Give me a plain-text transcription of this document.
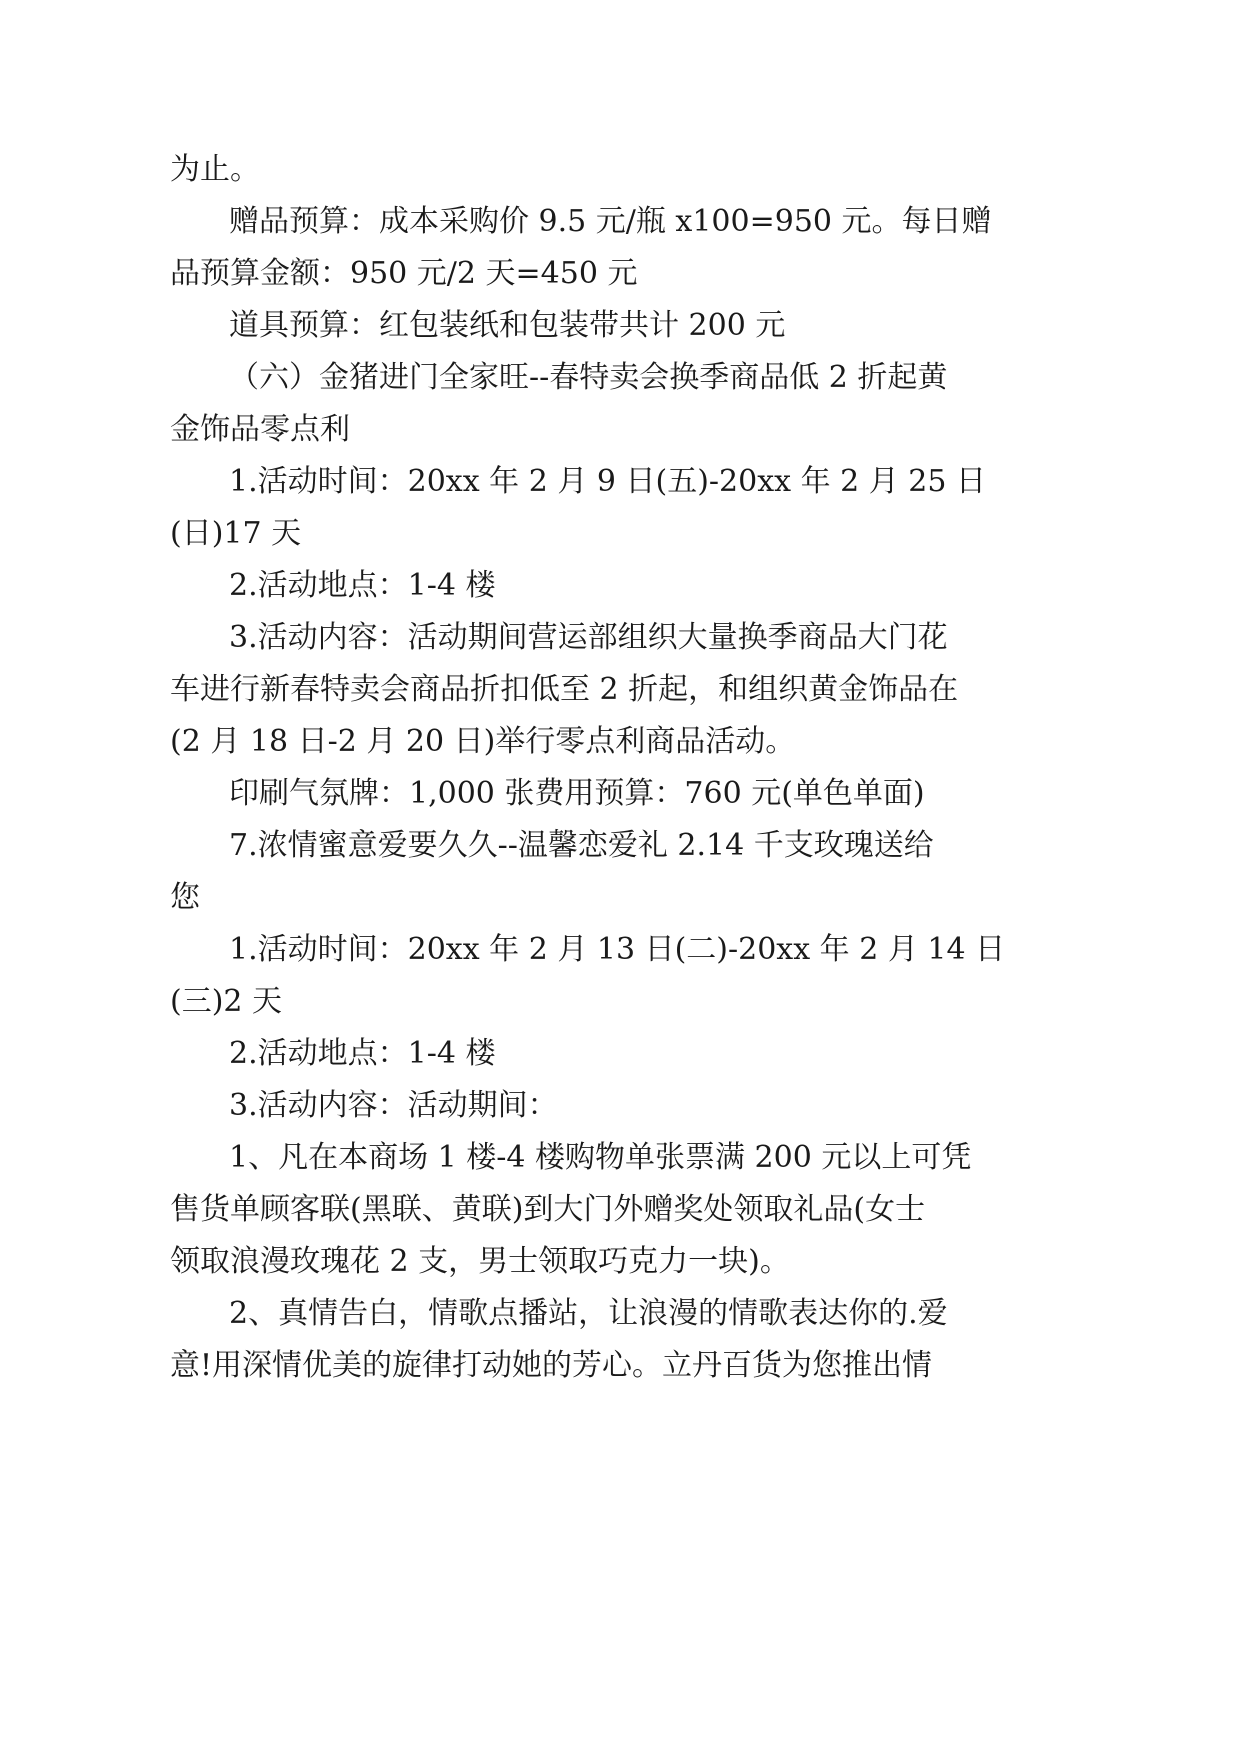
为止。
赠品预算：成本采购价 9.5 元/瓶 x100=950 元。每日赠
品预算金额：950 元/2 天=450 元
道具预算：红包装纸和包装带共计 200 元
（六）金猪进门全家旺--春特卖会换季商品低 2 折起黄
金饰品零点利
1.活动时间：20xx 年 2 月 9 日(五)-20xx 年 2 月 25 日
(日)17 天
2.活动地点：1-4 楼
3.活动内容：活动期间营运部组织大量换季商品大门花
车进行新春特卖会商品折扣低至 2 折起，和组织黄金饰品在
(2 月 18 日-2 月 20 日)举行零点利商品活动。
印刷气氛牌：1,000 张费用预算：760 元(单色单面)
7.浓情蜜意爱要久久--温馨恋爱礼 2.14 千支玫瑰送给
您
1.活动时间：20xx 年 2 月 13 日(二)-20xx 年 2 月 14 日
(三)2 天
2.活动地点：1-4 楼
3.活动内容：活动期间：
1、凡在本商场 1 楼-4 楼购物单张票满 200 元以上可凭
售货单顾客联(黑联、黄联)到大门外赠奖处领取礼品(女士
领取浪漫玫瑰花 2 支，男士领取巧克力一块)。
2、真情告白，情歌点播站，让浪漫的情歌表达你的.爱
意!用深情优美的旋律打动她的芳心。立丹百货为您推出情
